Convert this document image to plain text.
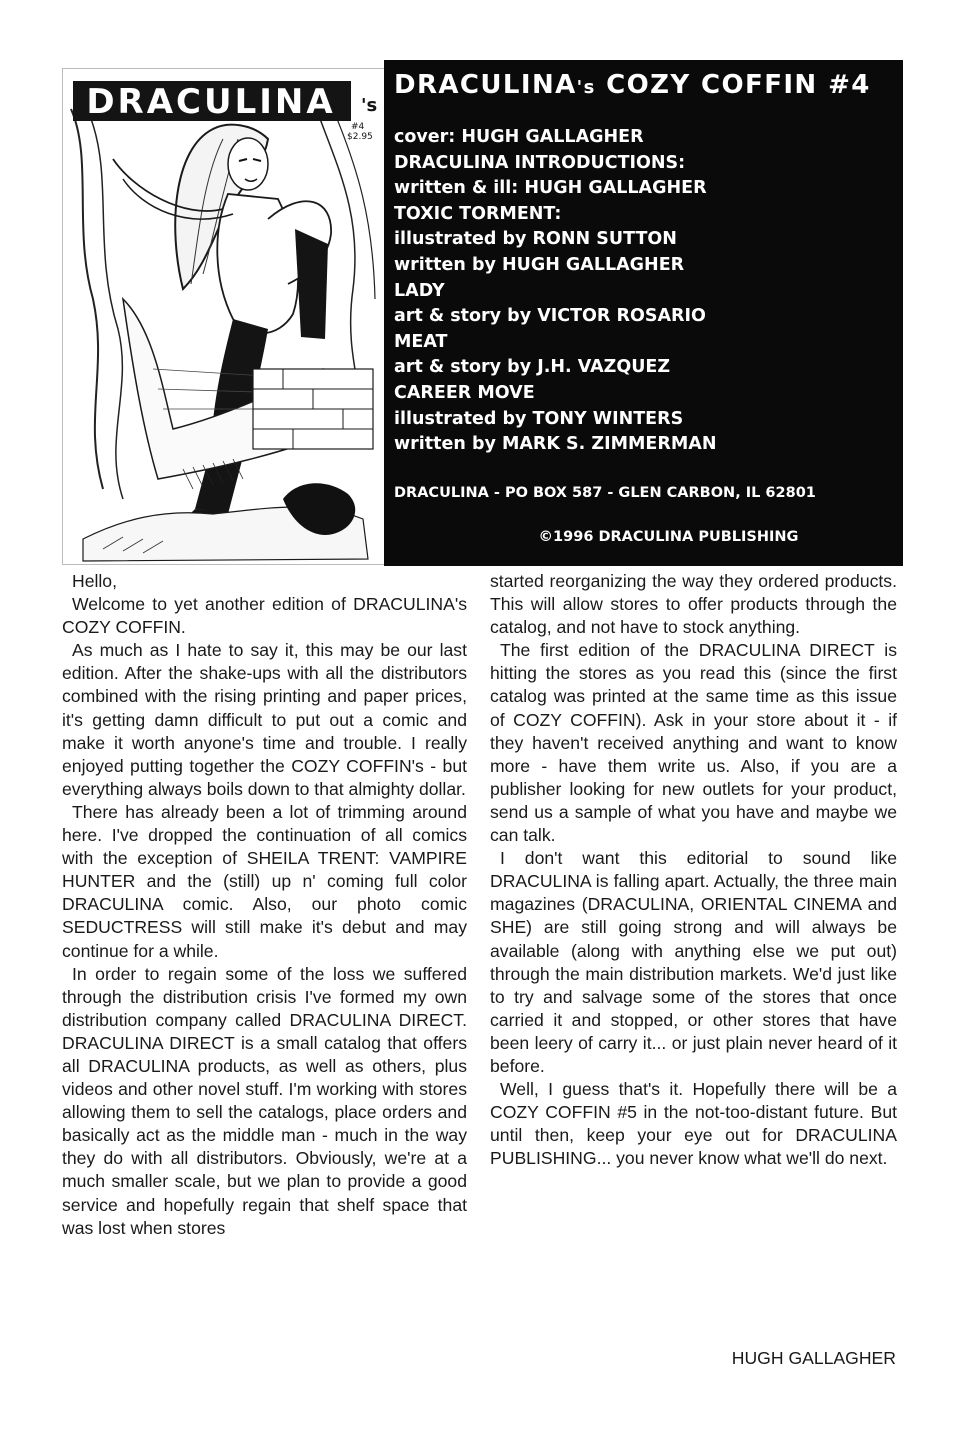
DRACULINA 's
#4
$2.95
DRACULINA's COZY COFFIN #4
cover: HUGH GALLAGHER
DRACULINA INTRODUCTIONS:
written & ill: HUGH GALLAGHER
TOXIC TORMENT:
illustrated by RONN SUTTON
written by HUGH GALLAGHER
LADY
art & story by VICTOR ROSARIO
MEAT
art & story by J.H. VAZQUEZ
CAREER MOVE
illustrated by TONY WINTERS
written by MARK S. ZIMMERMAN
DRACULINA - PO BOX 587 - GLEN CARBON, IL 62801
©1996 DRACULINA PUBLISHING

Hello,

Welcome to yet another edition of DRACULINA's COZY COFFIN.

As much as I hate to say it, this may be our last edition. After the shake-ups with all the distributors combined with the rising printing and paper prices, it's getting damn difficult to put out a comic and make it worth anyone's time and trouble. I really enjoyed putting together the COZY COFFIN's - but everything always boils down to that almighty dollar.

There has already been a lot of trimming around here. I've dropped the continuation of all comics with the exception of SHEILA TRENT: VAMPIRE HUNTER and the (still) up n' coming full color DRACULINA comic. Also, our photo comic SEDUCTRESS will still make it's debut and may continue for a while.

In order to regain some of the loss we suffered through the distribution crisis I've formed my own distribution company called DRACULINA DIRECT. DRACULINA DIRECT is a small catalog that offers all DRACULINA products, as well as others, plus videos and other novel stuff. I'm working with stores allowing them to sell the catalogs, place orders and basically act as the middle man - much in the way they do with all distributors. Obviously, we're at a much smaller scale, but we plan to provide a good service and hopefully regain that shelf space that was lost when stores

started reorganizing the way they ordered products. This will allow stores to offer products through the catalog, and not have to stock anything.

The first edition of the DRACULINA DIRECT is hitting the stores as you read this (since the first catalog was printed at the same time as this issue of COZY COFFIN). Ask in your store about it - if they haven't received anything and want to know more - have them write us. Also, if you are a publisher looking for new outlets for your product, send us a sample of what you have and maybe we can talk.

I don't want this editorial to sound like DRACULINA is falling apart. Actually, the three main magazines (DRACULINA, ORIENTAL CINEMA and SHE) are still going strong and will always be available (along with anything else we put out) through the main distribution markets. We'd just like to try and salvage some of the stores that once carried it and stopped, or other stores that have been leery of carry it... or just plain never heard of it before.

Well, I guess that's it. Hopefully there will be a COZY COFFIN #5 in the not-too-distant future. But until then, keep your eye out for DRACULINA PUBLISHING... you never know what we'll do next.

HUGH GALLAGHER
